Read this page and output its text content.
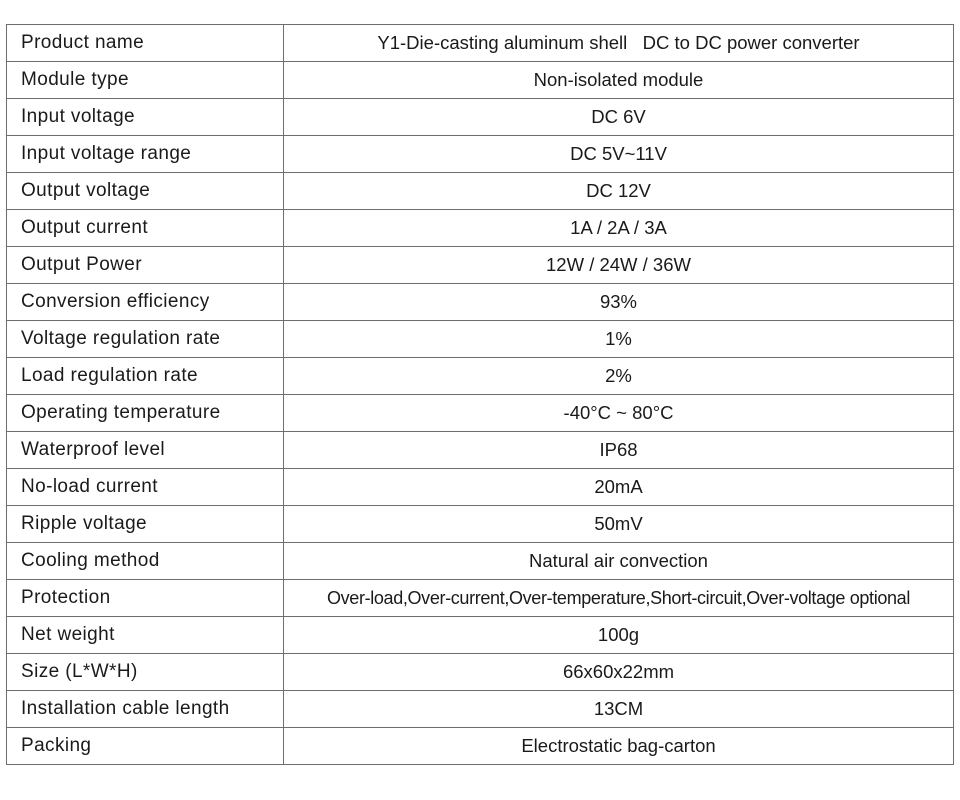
Product name	Y1-Die-casting aluminum shell   DC to DC power converter
Module type	Non-isolated module
Input voltage	DC 6V
Input voltage range	DC 5V~11V
Output voltage	DC 12V
Output current	1A / 2A / 3A
Output Power	12W / 24W / 36W
Conversion efficiency	93%
Voltage regulation rate	1%
Load regulation rate	2%
Operating temperature	-40°C ~ 80°C
Waterproof level	IP68
No-load current	20mA
Ripple voltage	50mV
Cooling method	Natural air convection
Protection	Over-load,Over-current,Over-temperature,Short-circuit,Over-voltage optional
Net weight	100g
Size (L*W*H)	66x60x22mm
Installation cable length	13CM
Packing	Electrostatic bag-carton
